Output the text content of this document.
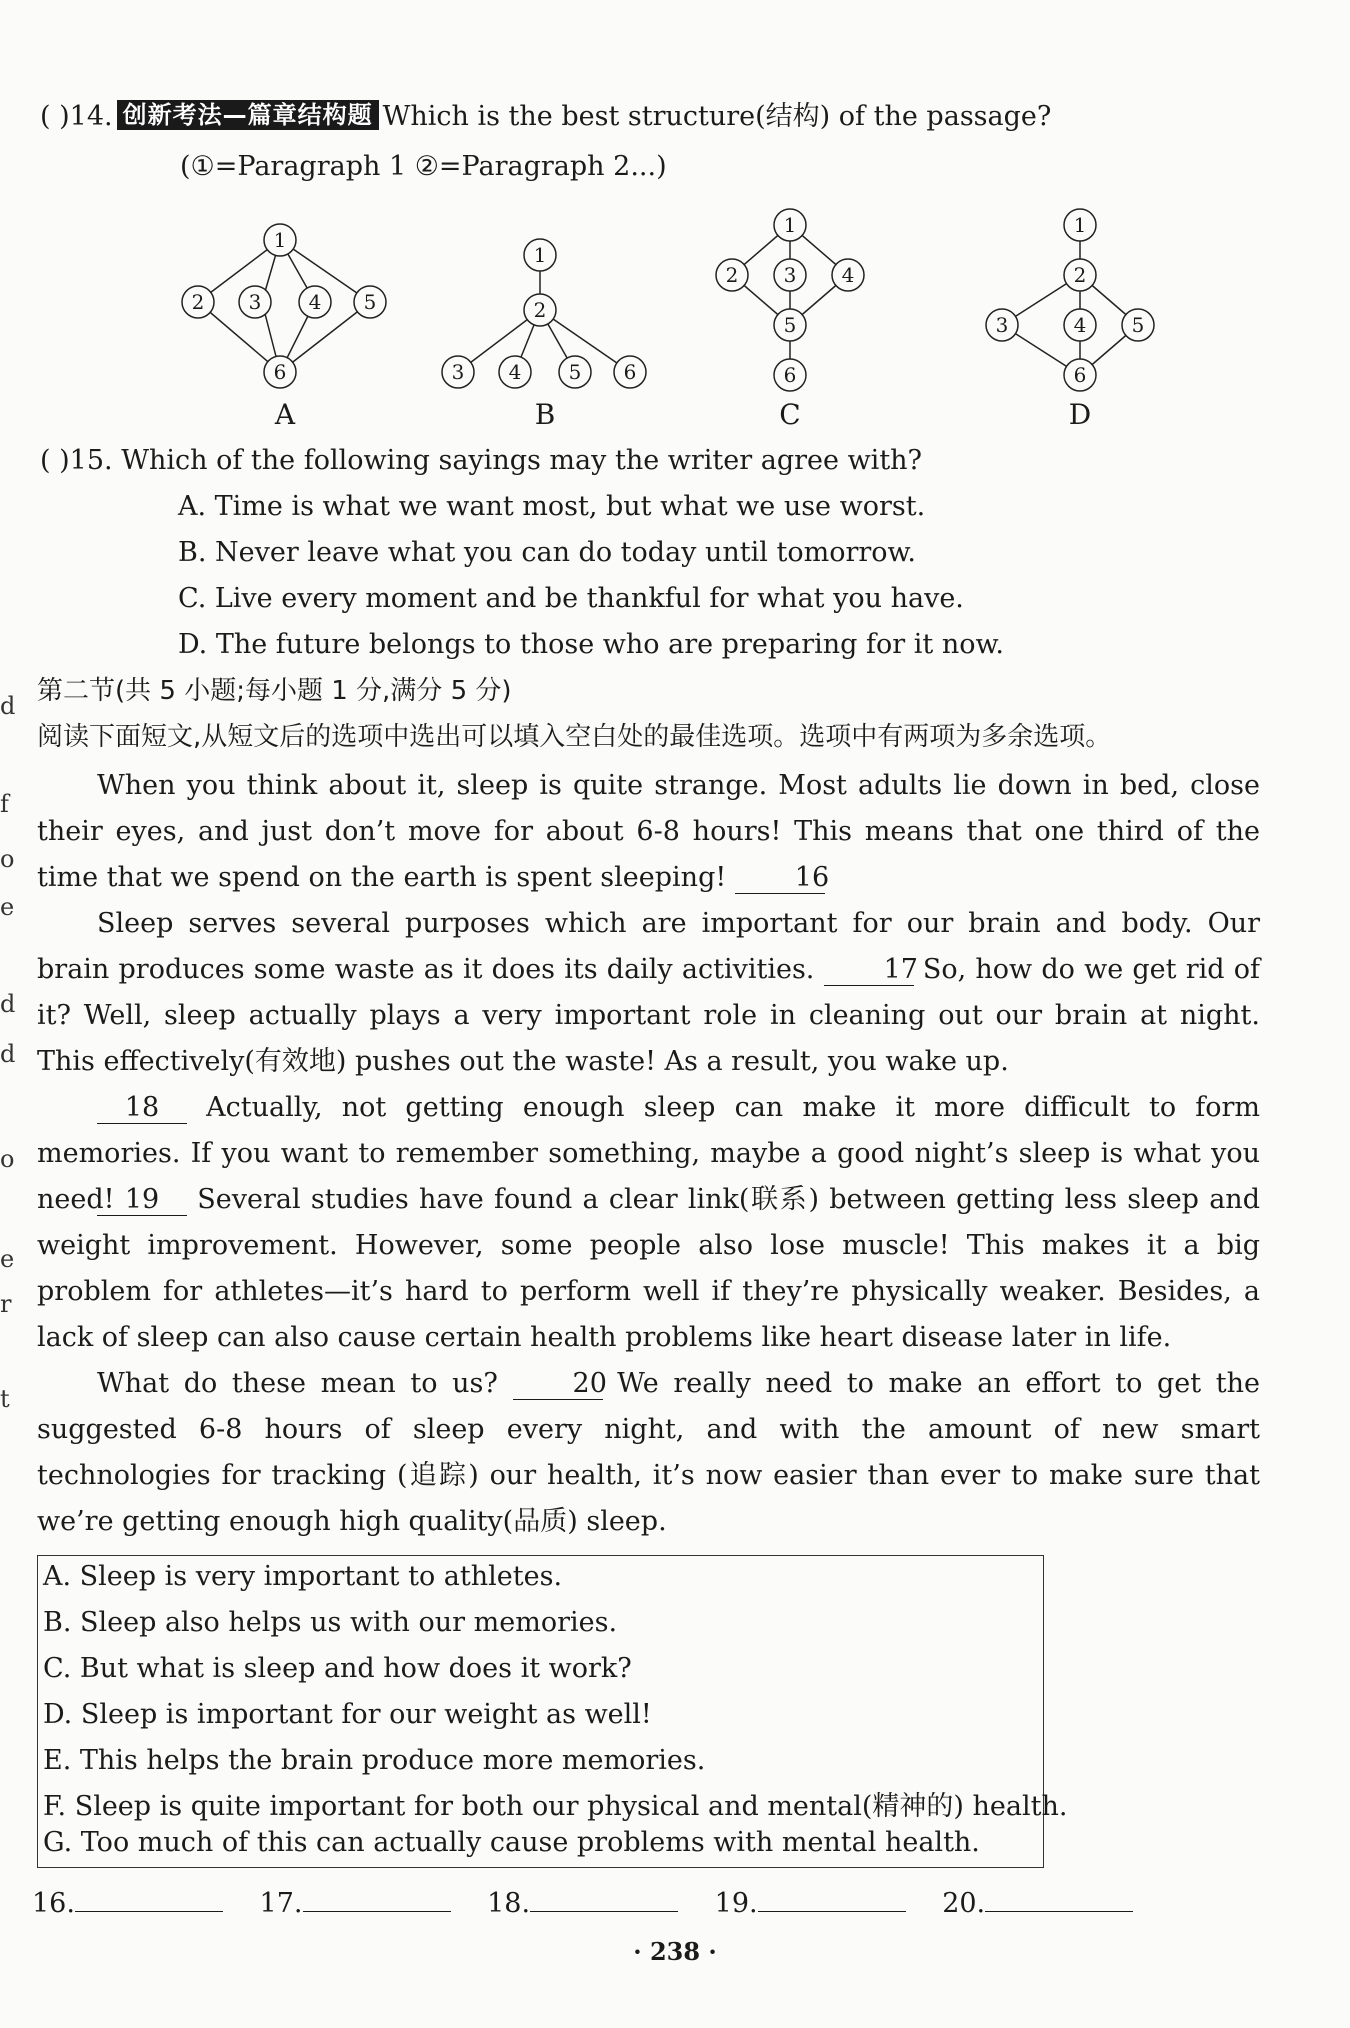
d
f
o
e
d
d
o
e
r
t
( )14. 创新考法—篇章结构题 Which is the best structure(结构) of the passage?
(①=Paragraph 1 ②=Paragraph 2...)
1
2 3 4 5
6
A
1
2
3 4 5 6
B
1
2 3 4
5
6
C
1
2
3	4 5
6
D
( )15. Which of the following sayings may the writer agree with?
A. Time is what we want most, but what we use worst.
B. Never leave what you can do today until tomorrow.
C. Live every moment and be thankful for what you have.
D. The future belongs to those who are preparing for it now.
第二节(共 5 小题;每小题 1 分,满分 5 分)
阅读下面短文,从短文后的选项中选出可以填入空白处的最佳选项。选项中有两项为多余选项。
When you think about it, sleep is quite strange. Most adults lie down in bed, close their eyes, and just don’t move for about 6-8 hours! This means that one third of the time that we spend on the earth is spent sleeping!	16
Sleep serves several purposes which are important for our brain and body. Our brain produces some waste as it does its daily activities.	17 So, how do we get rid of it? Well, sleep actually plays a very important role in cleaning out our brain at night. This effectively(有效地) pushes out the waste! As a result, you wake up.
18 Actually, not getting enough sleep can make it more difficult to form memories. If you want to remember something, maybe a good night’s sleep is what you need! 19 Several studies have found a clear link(联系) between getting less sleep and weight improvement. However, some people also lose muscle! This makes it a big problem for athletes—it’s hard to perform well if they’re physically weaker. Besides, a lack of sleep can also cause certain health problems like heart disease later in life.
What do these mean to us?	20 We really need to make an effort to get the suggested 6-8 hours of sleep every night, and with the amount of new smart technologies for tracking (追踪) our health, it’s now easier than ever to make sure that we’re getting enough high quality(品质) sleep.
A. Sleep is very important to athletes.
B. Sleep also helps us with our memories.
C. But what is sleep and how does it work?
D. Sleep is important for our weight as well!
E. This helps the brain produce more memories.
F. Sleep is quite important for both our physical and mental(精神的) health.
G. Too much of this can actually cause problems with mental health.
16.	17.	18.	19.	20.
· 238 ·
